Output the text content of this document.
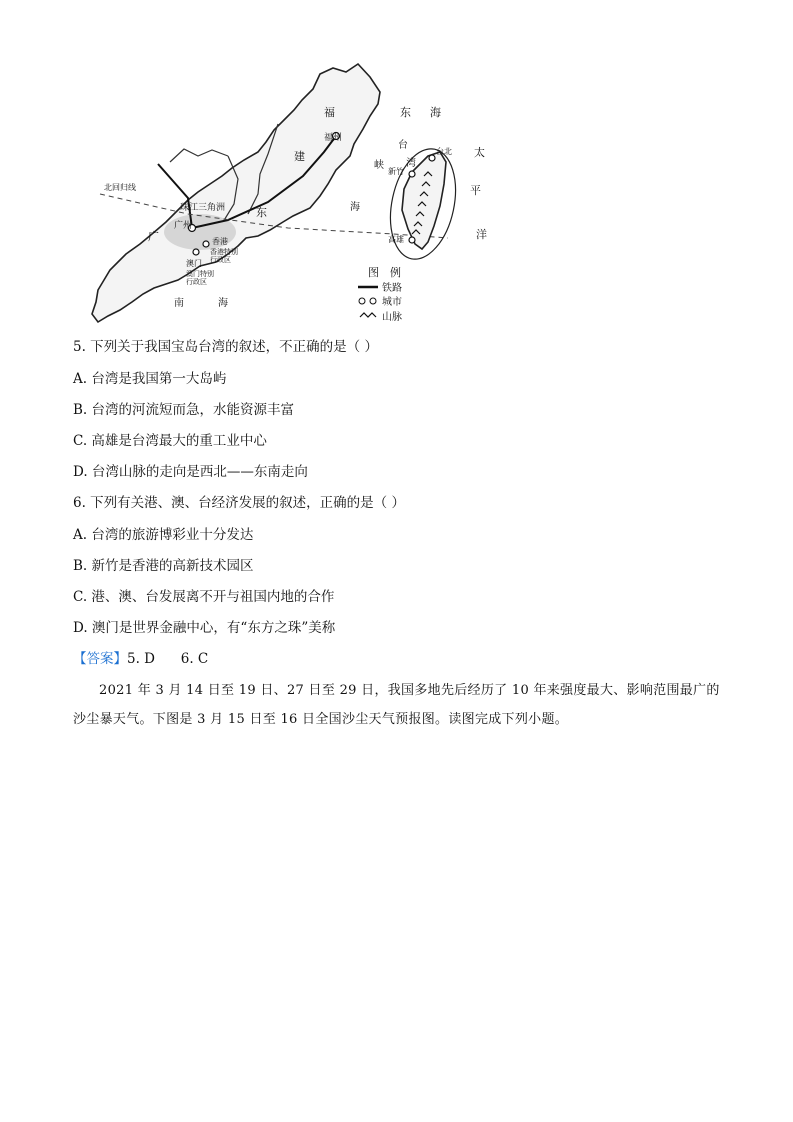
福
建
福州
东 海
台
湾
峡
海
台北
新竹
高雄
太
平
洋
北回归线
珠江三角洲
广州
东
广	香港
香港特别
行政区
澳门
澳门特别
行政区
南	海
图 例
铁路
城市
山脉
5. 下列关于我国宝岛台湾的叙述，不正确的是（ ）
A. 台湾是我国第一大岛屿
B. 台湾的河流短而急，水能资源丰富
C. 高雄是台湾最大的重工业中心
D. 台湾山脉的走向是西北——东南走向
6. 下列有关港、澳、台经济发展的叙述，正确的是（ ）
A. 台湾的旅游博彩业十分发达
B. 新竹是香港的高新技术园区
C. 港、澳、台发展离不开与祖国内地的合作
D. 澳门是世界金融中心，有“东方之珠”美称
【答案】5. D      6. C
2021 年 3 月 14 日至 19 日、27 日至 29 日，我国多地先后经历了 10 年来强度最大、影响范围最广的沙尘暴天气。下图是 3 月 15 日至 16 日全国沙尘天气预报图。读图完成下列小题。
